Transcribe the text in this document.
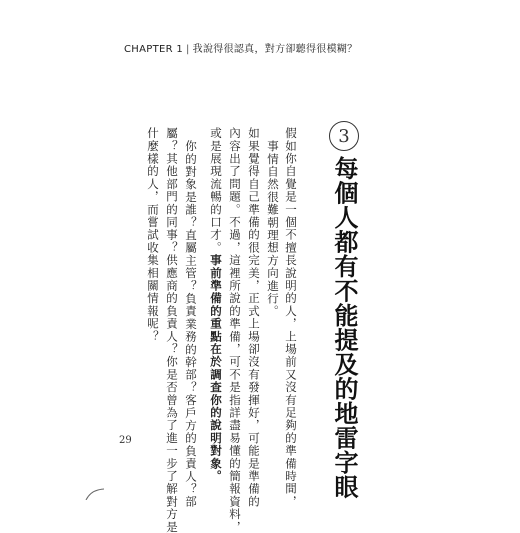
CHAPTER 1 | 我說得很認真，對方卻聽得很模糊？
3
每個人都有不能提及的地雷字眼
假如你自覺是一個不擅長說明的人，上場前又沒有足夠的準備時間，
事情自然很難朝理想方向進行。
如果覺得自己準備的很完美，正式上場卻沒有發揮好，可能是準備的
內容出了問題。不過，這裡所說的準備，可不是指詳盡易懂的簡報資料，
或是展現流暢的口才。事前準備的重點在於調查你的說明對象。
你的對象是誰？直屬主管？負責業務的幹部？客戶方的負責人？部
屬？其他部門的同事？供應商的負責人？你是否曾為了進一步了解對方是
什麼樣的人，而嘗試收集相關情報呢？
29
